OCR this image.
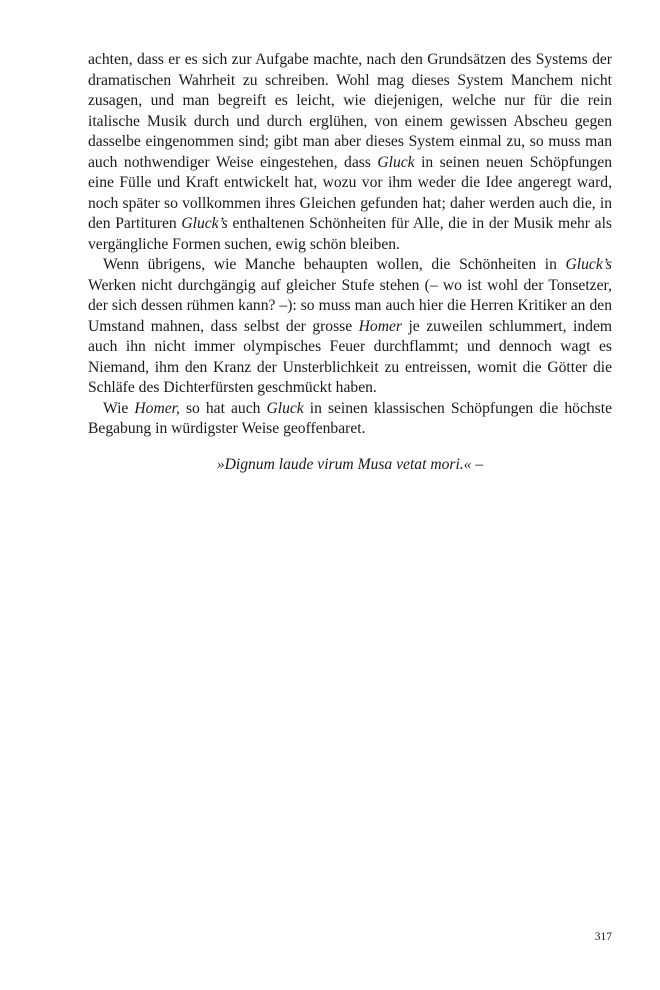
achten, dass er es sich zur Aufgabe machte, nach den Grundsätzen des Systems der dramatischen Wahrheit zu schreiben. Wohl mag dieses System Manchem nicht zusagen, und man begreift es leicht, wie diejenigen, welche nur für die rein italische Musik durch und durch erglühen, von einem gewissen Abscheu gegen dasselbe eingenommen sind; gibt man aber dieses System einmal zu, so muss man auch nothwendiger Weise eingestehen, dass Gluck in seinen neuen Schöpfungen eine Fülle und Kraft entwickelt hat, wozu vor ihm weder die Idee angeregt ward, noch später so vollkommen ihres Gleichen gefunden hat; daher werden auch die, in den Partituren Gluck’s enthaltenen Schönheiten für Alle, die in der Musik mehr als vergängliche Formen suchen, ewig schön bleiben.

Wenn übrigens, wie Manche behaupten wollen, die Schönheiten in Gluck’s Werken nicht durchgängig auf gleicher Stufe stehen (– wo ist wohl der Tonsetzer, der sich dessen rühmen kann? –): so muss man auch hier die Herren Kritiker an den Umstand mahnen, dass selbst der grosse Homer je zuweilen schlummert, indem auch ihn nicht immer olympisches Feuer durchflammt; und dennoch wagt es Niemand, ihm den Kranz der Unsterblichkeit zu entreissen, womit die Götter die Schläfe des Dichterfürsten geschmückt haben.

Wie Homer, so hat auch Gluck in seinen klassischen Schöpfungen die höchste Begabung in würdigster Weise geoffenbaret.

»Dignum laude virum Musa vetat mori.« –

317
